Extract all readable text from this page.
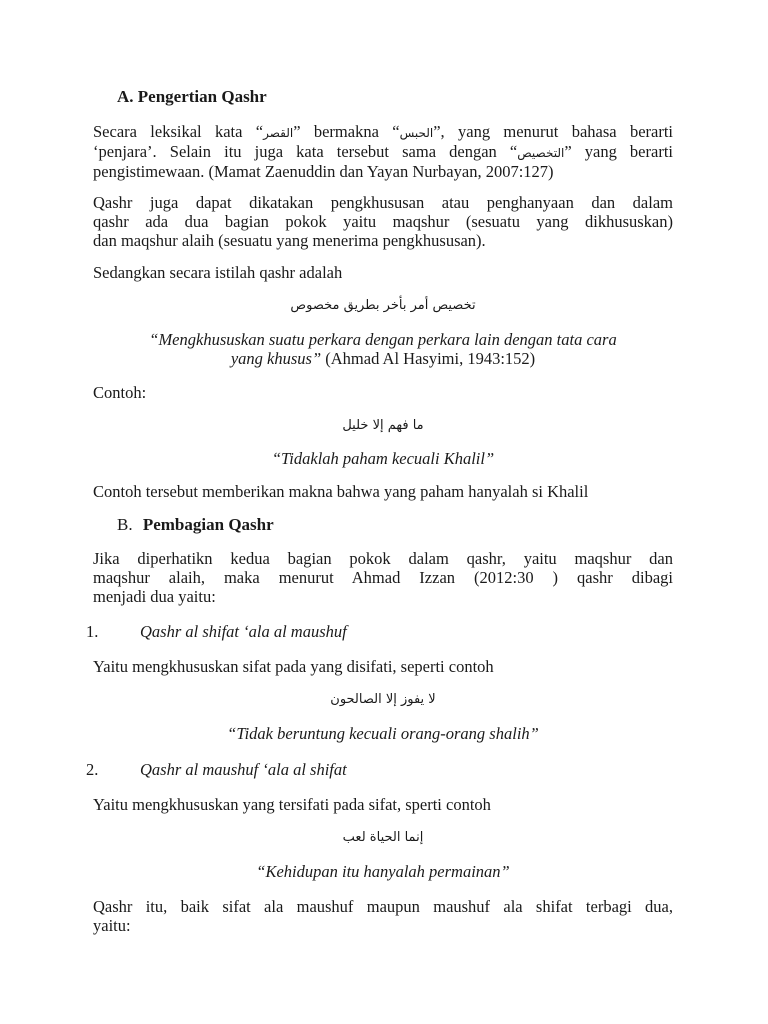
A. Pengertian Qashr
Secara leksikal kata “القصر” bermakna “الحبس”, yang menurut bahasa berarti
‘penjara’. Selain itu juga kata tersebut sama dengan “التخصيص” yang berarti
pengistimewaan. (Mamat Zaenuddin dan Yayan Nurbayan, 2007:127)
Qashr juga dapat dikatakan pengkhususan atau penghanyaan dan dalam
qashr ada dua bagian pokok yaitu maqshur (sesuatu yang dikhususkan)
dan maqshur alaih (sesuatu yang menerima pengkhususan).
Sedangkan secara istilah qashr adalah
تخصيص أمر بأخر بطريق مخصوص
“Mengkhususkan suatu perkara dengan perkara lain dengan tata cara
yang khusus” (Ahmad Al Hasyimi, 1943:152)
Contoh:
ما فهم إلا خليل
“Tidaklah paham kecuali Khalil”
Contoh tersebut memberikan makna bahwa yang paham hanyalah si Khalil
B. Pembagian Qashr
Jika diperhatikn kedua bagian pokok dalam qashr, yaitu maqshur dan
maqshur alaih, maka menurut Ahmad Izzan (2012:30 ) qashr dibagi
menjadi dua yaitu:
1.	Qashr al shifat ‘ala al maushuf
Yaitu mengkhususkan sifat pada yang disifati, seperti contoh
لا يفوز إلا الصالحون
“Tidak beruntung kecuali orang-orang shalih”
2.	Qashr al maushuf ‘ala al shifat
Yaitu mengkhususkan yang tersifati pada sifat, sperti contoh
إنما الحياة لعب
“Kehidupan itu hanyalah permainan”
Qashr itu, baik sifat ala maushuf maupun maushuf ala shifat terbagi dua,
yaitu:
